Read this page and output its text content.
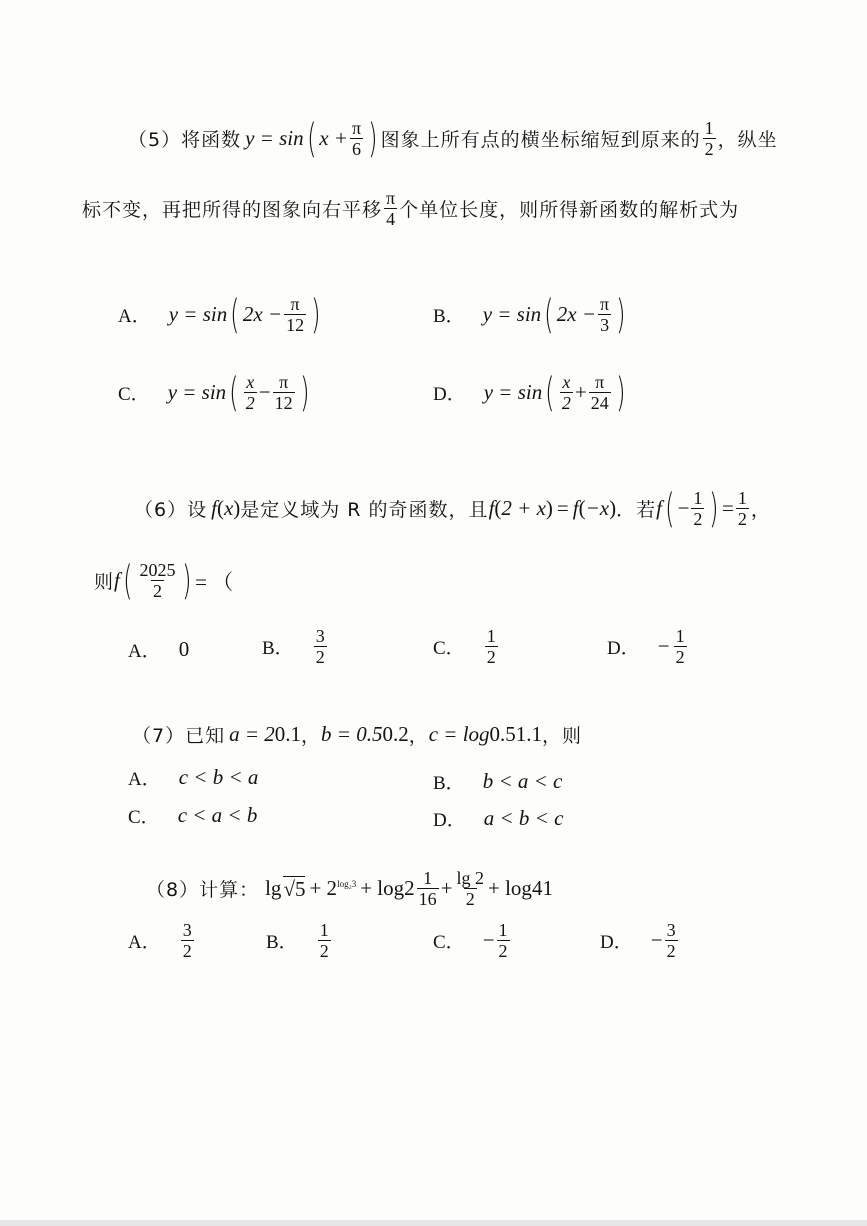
（5）将函数 y = sin ( $x + \frac{\pi}{6}$ ) 图象上所有点的横坐标缩短到原来的 $\frac{1}{2}$ ，纵坐
标不变，再把所得的图象向右平移 $\frac{\pi}{4}$ 个单位长度，则所得新函数的解析式为
A． y = sin ( $2x - \frac{\pi}{12}$ )	B． y = sin ( $2x - \frac{\pi}{3}$ )
C． y = sin ( $\frac{x}{2} - \frac{\pi}{12}$ )	D． y = sin ( $\frac{x}{2} + \frac{\pi}{24}$ )
（6）设 f ( x ) 是定义域为 R 的奇函数，且 f ( 2 + x ) = f ( −x ) ．若 f ( − $\frac{1}{2}$ ) = $\frac{1}{2}$ ，
则 f ( $\frac{2025}{2}$ ) = （
A． 0	B． $\frac{3}{2}$	C． $\frac{1}{2}$	D． − $\frac{1}{2}$
（7）已知 a = 2 0.1 ， b = 0.5 0.2 ， c = log 0.5 1.1 ，则
A． c < b < a	B． b < a < c
C． c < a < b	D． a < b < c
（8）计算： $\lg √5 + 2^{log_23} + \log 2 \frac{1}{16} + \frac{\lg 2}{2} + \log 4$ 1
A． $\frac{3}{2}$	B． $\frac{1}{2}$	C． − $\frac{1}{2}$	D． − $\frac{3}{2}$
